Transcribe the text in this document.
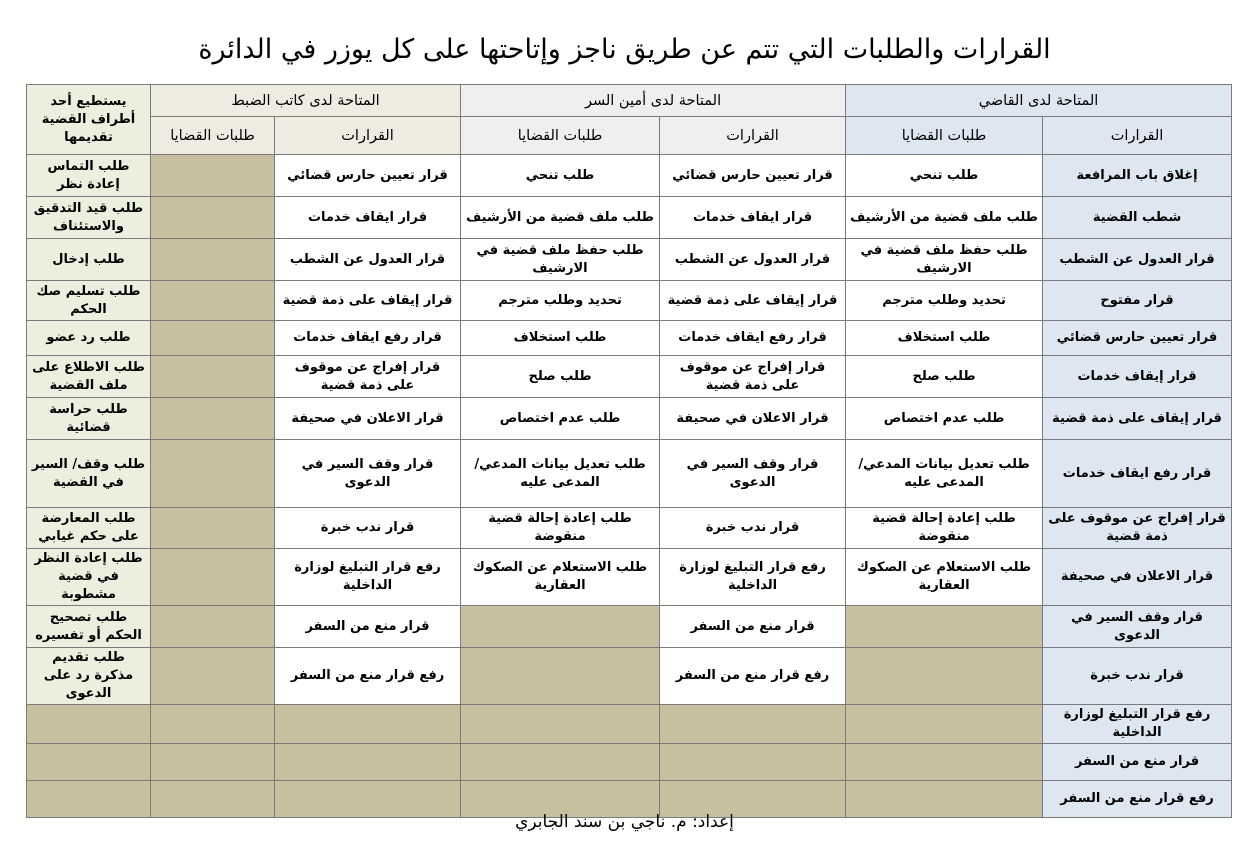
القرارات والطلبات التي تتم عن طريق ناجز وإتاحتها على كل يوزر في الدائرة
المتاحة لدى القاضي		المتاحة لدى أمين السر		المتاحة لدى كاتب الضبط		يستطيع أحد أطراف القضية تقديمها
القرارات	طلبات القضايا	القرارات	طلبات القضايا	القرارات	طلبات القضايا	
إغلاق باب المرافعة	طلب تنحي	قرار تعيين حارس قضائي	طلب تنحي	قرار تعيين حارس قضائي		طلب التماس إعادة نظر
شطب القضية	طلب ملف قضية من الأرشيف	قرار ايقاف خدمات	طلب ملف قضية من الأرشيف	قرار ايقاف خدمات		طلب قيد التدقيق والاستئناف
قرار العدول عن الشطب	طلب حفظ ملف قضية في الارشيف	قرار العدول عن الشطب	طلب حفظ ملف قضية في الارشيف	قرار العدول عن الشطب		طلب إدخال
قرار مفتوح	تحديد وطلب مترجم	قرار إيقاف على ذمة قضية	تحديد وطلب مترجم	قرار إيقاف على ذمة قضية		طلب تسليم صك الحكم
قرار تعيين حارس قضائي	طلب استخلاف	قرار رفع ايقاف خدمات	طلب استخلاف	قرار رفع ايقاف خدمات		طلب رد عضو
قرار إيقاف خدمات	طلب صلح	قرار إفراج عن موقوف على ذمة قضية	طلب صلح	قرار إفراج عن موقوف على ذمة قضية		طلب الاطلاع على ملف القضية
قرار إيقاف على ذمة قضية	طلب عدم اختصاص	قرار الاعلان في صحيفة	طلب عدم اختصاص	قرار الاعلان في صحيفة		طلب حراسة قضائية
قرار رفع ايقاف خدمات	طلب تعديل بيانات المدعي/المدعى عليه	قرار وقف السير في الدعوى	طلب تعديل بيانات المدعي/المدعى عليه	قرار وقف السير في الدعوى		طلب وقف/ السير في القضية
قرار إفراج عن موقوف على ذمة قضية	طلب إعادة إحالة قضية منقوضة	قرار ندب خبرة	طلب إعادة إحالة قضية منقوضة	قرار ندب خبرة		طلب المعارضة على حكم غيابي
قرار الاعلان في صحيفة	طلب الاستعلام عن الصكوك العقارية	رفع قرار التبليغ لوزارة الداخلية	طلب الاستعلام عن الصكوك العقارية	رفع قرار التبليغ لوزارة الداخلية		طلب إعادة النظر في قضية مشطوبة
قرار وقف السير في الدعوى		قرار منع من السفر		قرار منع من السفر		طلب تصحيح الحكم أو تفسيره
قرار ندب خبرة		رفع قرار منع من السفر		رفع قرار منع من السفر		طلب تقديم مذكرة رد على الدعوى
رفع قرار التبليغ لوزارة الداخلية						
قرار منع من السفر						
رفع قرار منع من السفر						
إعداد: م. ناجي بن سند الجابري
